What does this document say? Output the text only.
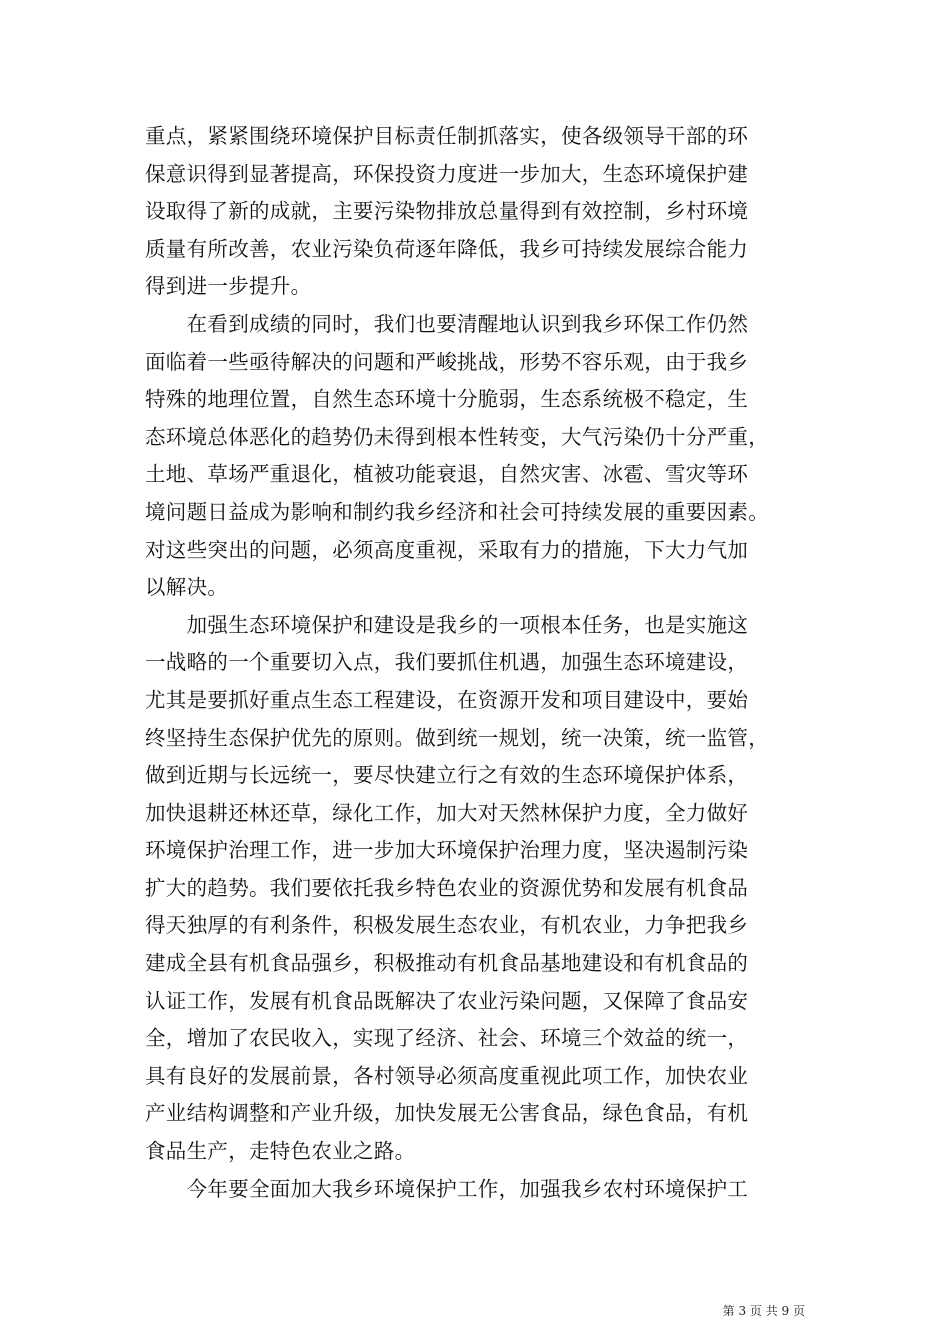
重点，紧紧围绕环境保护目标责任制抓落实，使各级领导干部的环
保意识得到显著提高，环保投资力度进一步加大，生态环境保护建
设取得了新的成就，主要污染物排放总量得到有效控制，乡村环境
质量有所改善，农业污染负荷逐年降低，我乡可持续发展综合能力
得到进一步提升。
　　在看到成绩的同时，我们也要清醒地认识到我乡环保工作仍然
面临着一些亟待解决的问题和严峻挑战，形势不容乐观，由于我乡
特殊的地理位置，自然生态环境十分脆弱，生态系统极不稳定，生
态环境总体恶化的趋势仍未得到根本性转变，大气污染仍十分严重，
土地、草场严重退化，植被功能衰退，自然灾害、冰雹、雪灾等环
境问题日益成为影响和制约我乡经济和社会可持续发展的重要因素。
对这些突出的问题，必须高度重视，采取有力的措施，下大力气加
以解决。
　　加强生态环境保护和建设是我乡的一项根本任务，也是实施这
一战略的一个重要切入点，我们要抓住机遇，加强生态环境建设，
尤其是要抓好重点生态工程建设，在资源开发和项目建设中，要始
终坚持生态保护优先的原则。做到统一规划，统一决策，统一监管，
做到近期与长远统一，要尽快建立行之有效的生态环境保护体系，
加快退耕还林还草，绿化工作，加大对天然林保护力度，全力做好
环境保护治理工作，进一步加大环境保护治理力度，坚决遏制污染
扩大的趋势。我们要依托我乡特色农业的资源优势和发展有机食品
得天独厚的有利条件，积极发展生态农业，有机农业，力争把我乡
建成全县有机食品强乡，积极推动有机食品基地建设和有机食品的
认证工作，发展有机食品既解决了农业污染问题，又保障了食品安
全，增加了农民收入，实现了经济、社会、环境三个效益的统一，
具有良好的发展前景，各村领导必须高度重视此项工作，加快农业
产业结构调整和产业升级，加快发展无公害食品，绿色食品，有机
食品生产，走特色农业之路。
　　今年要全面加大我乡环境保护工作，加强我乡农村环境保护工
第 3 页 共 9 页
